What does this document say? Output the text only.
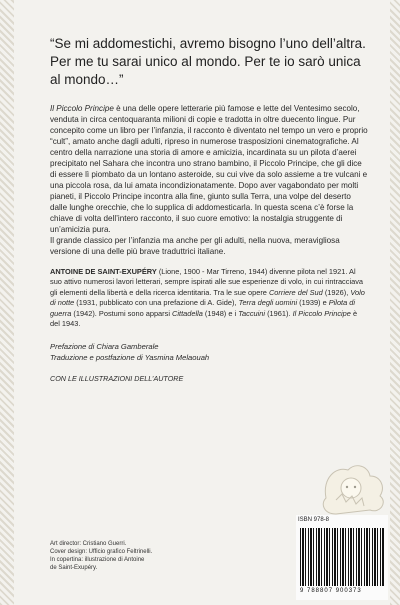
“Se mi addomestichi, avremo bisogno l’uno dell’altra. Per me tu sarai unico al mondo. Per te io sarò unica al mondo…”

Il Piccolo Principe è una delle opere letterarie più famose e lette del Ventesimo secolo, venduta in circa centoquaranta milioni di copie e tradotta in oltre duecento lingue. Pur concepito come un libro per l’infanzia, il racconto è diventato nel tempo un vero e proprio “cult”, amato anche dagli adulti, ripreso in numerose trasposizioni cinematografiche. Al centro della narrazione una storia di amore e amicizia, incardinata su un pilota d’aerei precipitato nel Sahara che incontra uno strano bambino, il Piccolo Principe, che gli dice di essere lì piombato da un lontano asteroide, su cui vive da solo assieme a tre vulcani e una piccola rosa, da lui amata incondizionatamente. Dopo aver vagabondato per molti pianeti, il Piccolo Principe incontra alla fine, giunto sulla Terra, una volpe del deserto dalle lunghe orecchie, che lo supplica di addomesticarla. In questa scena c’è forse la chiave di volta dell’intero racconto, il suo cuore emotivo: la nostalgia struggente di un’amicizia pura.

Il grande classico per l’infanzia ma anche per gli adulti, nella nuova, meravigliosa versione di una delle più brave traduttrici italiane.

ANTOINE DE SAINT-EXUPÉRY (Lione, 1900 - Mar Tirreno, 1944) divenne pilota nel 1921. Al suo attivo numerosi lavori letterari, sempre ispirati alle sue esperienze di volo, in cui rintracciava gli elementi della libertà e della ricerca identitaria. Tra le sue opere Corriere del Sud (1926), Volo di notte (1931, pubblicato con una prefazione di A. Gide), Terra degli uomini (1939) e Pilota di guerra (1942). Postumi sono apparsi Cittadella (1948) e i Taccuini (1961). Il Piccolo Principe è del 1943.

Prefazione di Chiara Gamberale

Traduzione e postfazione di Yasmina Melaouah

CON LE ILLUSTRAZIONI DELL’AUTORE

Art director: Cristiano Guerri.
Cover design: Ufficio grafico Feltrinelli.
In copertina: illustrazione di Antoine
de Saint-Exupéry.
ISBN 978-8
9 788807 900373
